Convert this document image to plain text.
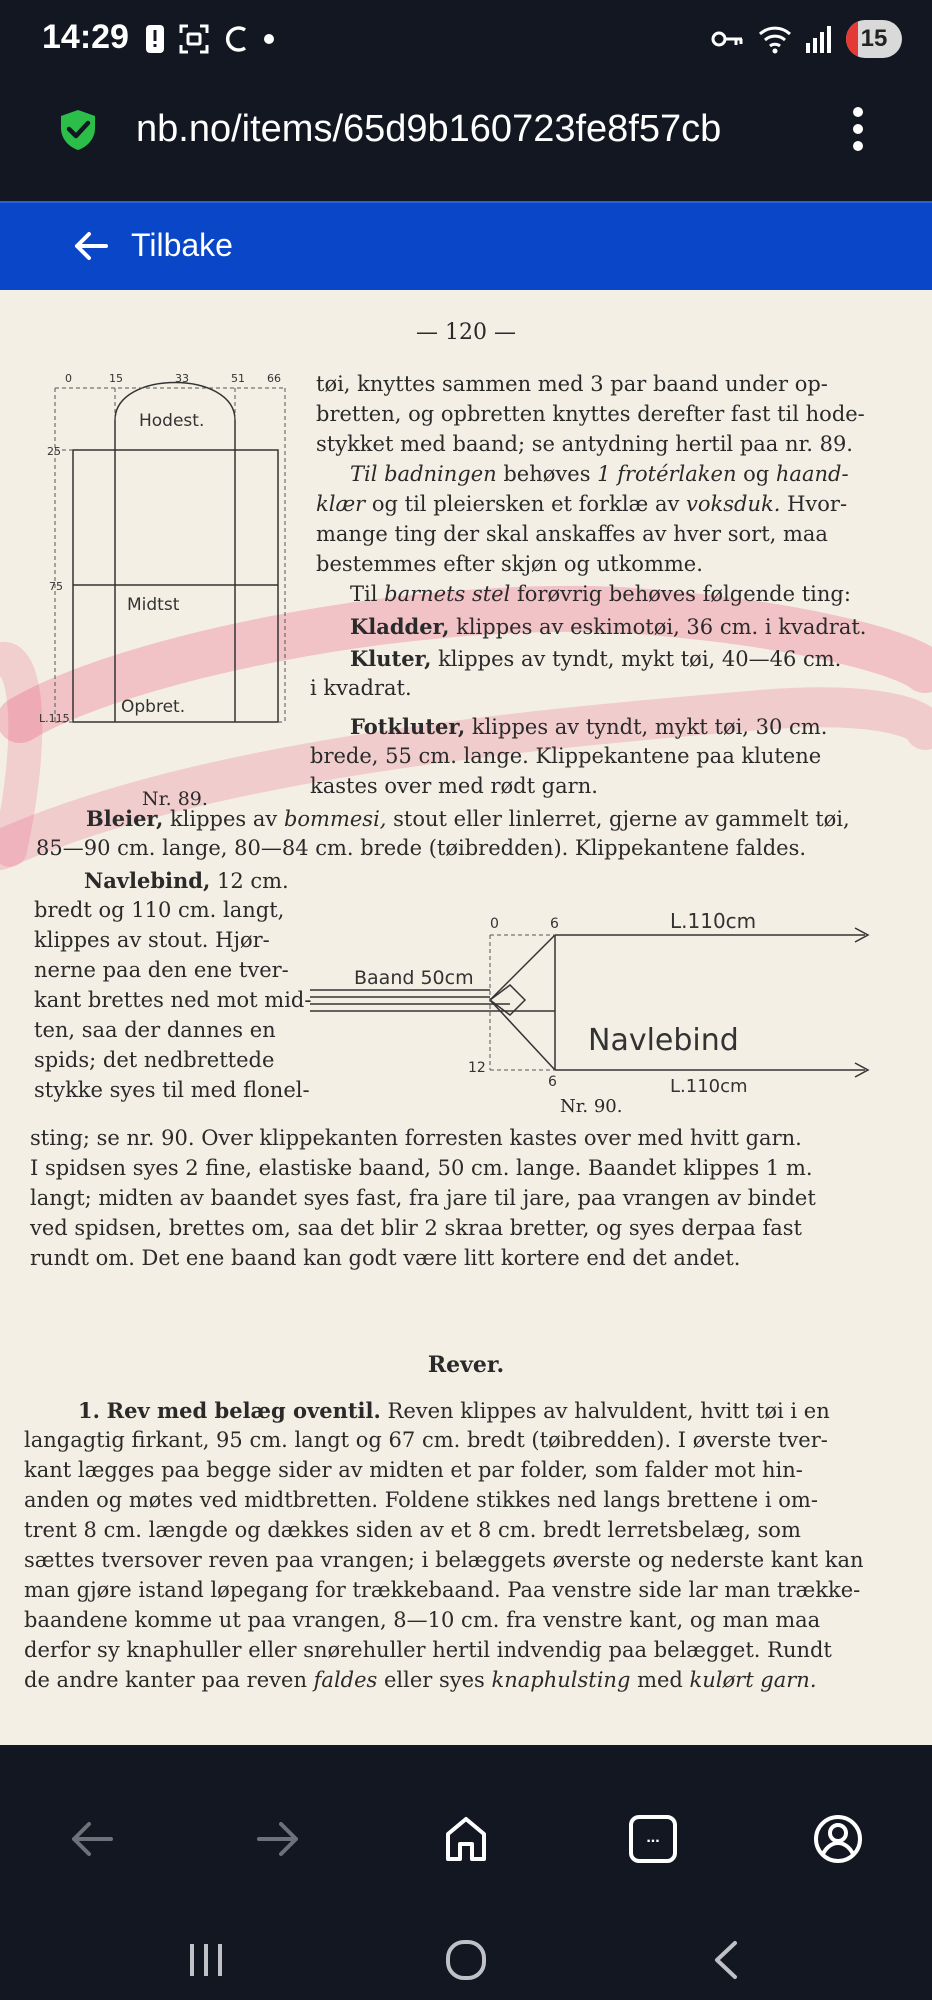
14:29	15
nb.no/items/65d9b160723fe8f57cb
Tilbake
— 120 —
0	15	33	51 66
25
75
L.115
Hodest.
Midtst
Opbret.
Nr. 89.
tøi, knyttes sammen med 3 par baand under op-
bretten, og opbretten knyttes derefter fast til hode-
stykket med baand; se antydning hertil paa nr. 89.
Til badningen behøves 1 frotérlaken og haand-
klær og til pleiersken et forklæ av voksduk. Hvor-
mange ting der skal anskaffes av hver sort, maa
bestemmes efter skjøn og utkomme.
Til barnets stel forøvrig behøves følgende ting:
Kladder, klippes av eskimotøi, 36 cm. i kvadrat.
Kluter, klippes av tyndt, mykt tøi, 40—46 cm.
i kvadrat.
Fotkluter, klippes av tyndt, mykt tøi, 30 cm.
brede, 55 cm. lange. Klippekantene paa klutene
kastes over med rødt garn.
Bleier, klippes av bommesi, stout eller linlerret, gjerne av gammelt tøi,
85—90 cm. lange, 80—84 cm. brede (tøibredden). Klippekantene faldes.
Navlebind, 12 cm.
bredt og 110 cm. langt,
klippes av stout. Hjør-
nerne paa den ene tver-
kant brettes ned mot mid-
ten, saa der dannes en
spids; det nedbrettede
stykke syes til med flonel-
0	6
12
6
L.110cm
L.110cm
Baand 50cm
Navlebind
Nr. 90.
sting; se nr. 90. Over klippekanten forresten kastes over med hvitt garn.
I spidsen syes 2 fine, elastiske baand, 50 cm. lange. Baandet klippes 1 m.
langt; midten av baandet syes fast, fra jare til jare, paa vrangen av bindet
ved spidsen, brettes om, saa det blir 2 skraa bretter, og syes derpaa fast
rundt om. Det ene baand kan godt være litt kortere end det andet.
Rever.
1. Rev med belæg oventil. Reven klippes av halvuldent, hvitt tøi i en
langagtig firkant, 95 cm. langt og 67 cm. bredt (tøibredden). I øverste tver-
kant lægges paa begge sider av midten et par folder, som falder mot hin-
anden og møtes ved midtbretten. Foldene stikkes ned langs brettene i om-
trent 8 cm. længde og dækkes siden av et 8 cm. bredt lerretsbelæg, som
sættes tversover reven paa vrangen; i belæggets øverste og nederste kant kan
man gjøre istand løpegang for trækkebaand. Paa venstre side lar man trække-
baandene komme ut paa vrangen, 8—10 cm. fra venstre kant, og man maa
derfor sy knaphuller eller snørehuller hertil indvendig paa belægget. Rundt
de andre kanter paa reven faldes eller syes knaphulsting med kulørt garn.
...
